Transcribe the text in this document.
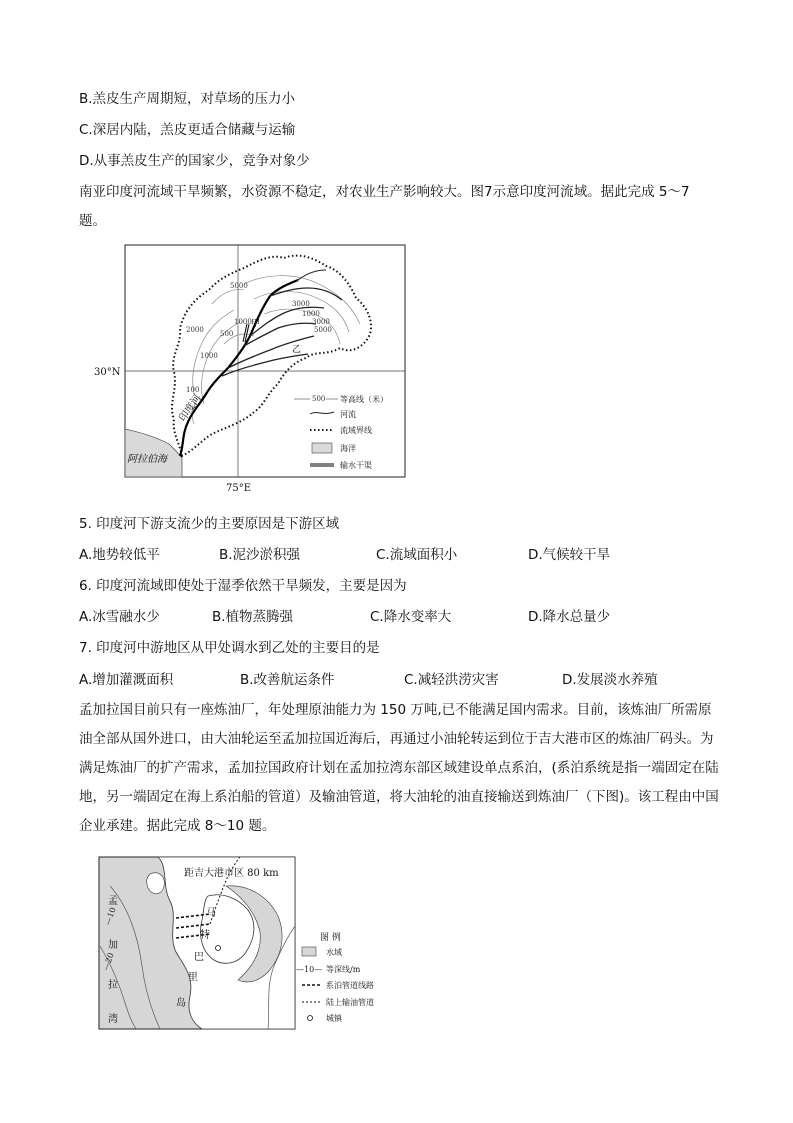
B.羔皮生产周期短，对草场的压力小
C.深居内陆，羔皮更适合储藏与运输
D.从事羔皮生产的国家少，竞争对象少
南亚印度河流域干旱频繁，水资源不稳定，对农业生产影响较大。图7示意印度河流域。据此完成 5～7 题。
30°N
75°E
阿拉伯海
印度河
甲
乙
5000
3000
1000
2000
1000
100
1000
500
3000
5000
500 等高线（米）
河流
流域界线
海洋
输水干渠
5. 印度河下游支流少的主要原因是下游区域
A.地势较低平	B.泥沙淤积强	C.流域面积小	D.气候较干旱
6. 印度河流域即使处于湿季依然干旱频发，主要是因为
A.冰雪融水少	B.植物蒸腾强	C.降水变率大	D.降水总量少
7. 印度河中游地区从甲处调水到乙处的主要目的是
A.增加灌溉面积	B.改善航运条件	C.减轻洪涝灾害	D.发展淡水养殖
孟加拉国目前只有一座炼油厂，年处理原油能力为 150 万吨,已不能满足国内需求。目前，该炼油厂所需原油全部从国外进口，由大油轮运至孟加拉国近海后，再通过小油轮转运到位于吉大港市区的炼油厂码头。为满足炼油厂的扩产需求，孟加拉国政府计划在孟加拉湾东部区域建设单点系泊，(系泊系统是指一端固定在陆地，另一端固定在海上系泊船的管道）及输油管道，将大油轮的油直接输送到炼油厂（下图)。该工程由中国企业承建。据此完成 8～10 题。
距吉大港市区 80 km
孟
加
拉
湾
马
特
巴
里
岛
—10
—20
图 例
水域
—10— 等深线/m
系泊管道线路
陆上输油管道
城镇
